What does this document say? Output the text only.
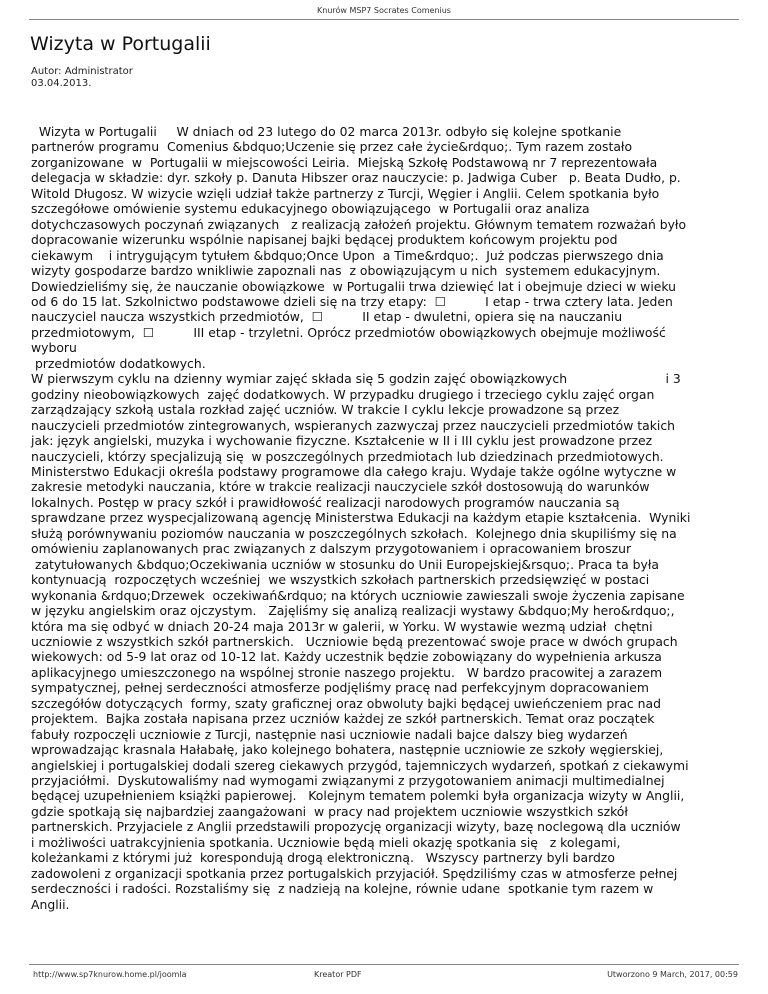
Knurów MSP7 Socrates Comenius
Wizyta w Portugalii
Autor: Administrator
03.04.2013.

Wizyta w Portugalii     W dniach od 23 lutego do 02 marca 2013r. odbyło się kolejne spotkanie

partnerów programu  Comenius &bdquo;Uczenie się przez całe życie&rdquo;. Tym razem zostało

zorganizowane  w  Portugalii w miejscowości Leiria.  Miejską Szkołę Podstawową nr 7 reprezentowała

delegacja w składzie: dyr. szkoły p. Danuta Hibszer oraz nauczycie: p. Jadwiga Cuber   p. Beata Dudło, p.

Witold Długosz. W wizycie wzięli udział także partnerzy z Turcji, Węgier i Anglii. Celem spotkania było

szczegółowe omówienie systemu edukacyjnego obowiązującego  w Portugalii oraz analiza

dotychczasowych poczynań związanych   z realizacją założeń projektu. Głównym tematem rozważań było

dopracowanie wizerunku wspólnie napisanej bajki będącej produktem końcowym projektu pod

ciekawym    i intrygującym tytułem &bdquo;Once Upon  a Time&rdquo;.  Już podczas pierwszego dnia

wizyty gospodarze bardzo wnikliwie zapoznali nas  z obowiązującym u nich  systemem edukacyjnym.

Dowiedzieliśmy się, że nauczanie obowiązkowe  w Portugalii trwa dziewięć lat i obejmuje dzieci w wieku

od 6 do 15 lat. Szkolnictwo podstawowe dzieli się na trzy etapy:  ☐          I etap - trwa cztery lata. Jeden

nauczyciel naucza wszystkich przedmiotów,  ☐          II etap - dwuletni, opiera się na nauczaniu

przedmiotowym,  ☐          III etap - trzyletni. Oprócz przedmiotów obowiązkowych obejmuje możliwość

wyboru

przedmiotów dodatkowych.

W pierwszym cyklu na dzienny wymiar zajęć składa się 5 godzin zajęć obowiązkowych                         i 3

godziny nieobowiązkowych  zajęć dodatkowych. W przypadku drugiego i trzeciego cyklu zajęć organ

zarządzający szkołą ustala rozkład zajęć uczniów. W trakcie I cyklu lekcje prowadzone są przez

nauczycieli przedmiotów zintegrowanych, wspieranych zazwyczaj przez nauczycieli przedmiotów takich

jak: język angielski, muzyka i wychowanie fizyczne. Kształcenie w II i III cyklu jest prowadzone przez

nauczycieli, którzy specjalizują się  w poszczególnych przedmiotach lub dziedzinach przedmiotowych.

Ministerstwo Edukacji określa podstawy programowe dla całego kraju. Wydaje także ogólne wytyczne w

zakresie metodyki nauczania, które w trakcie realizacji nauczyciele szkół dostosowują do warunków

lokalnych. Postęp w pracy szkół i prawidłowość realizacji narodowych programów nauczania są

sprawdzane przez wyspecjalizowaną agencję Ministerstwa Edukacji na każdym etapie kształcenia.  Wyniki

służą porównywaniu poziomów nauczania w poszczególnych szkołach.  Kolejnego dnia skupiliśmy się na

omówieniu zaplanowanych prac związanych z dalszym przygotowaniem i opracowaniem broszur

zatytułowanych &bdquo;Oczekiwania uczniów w stosunku do Unii Europejskiej&rsquo;. Praca ta była

kontynuacją  rozpoczętych wcześniej  we wszystkich szkołach partnerskich przedsięwzięć w postaci

wykonania &rdquo;Drzewek  oczekiwań&rdquo; na których uczniowie zawieszali swoje życzenia zapisane

w języku angielskim oraz ojczystym.   Zajęliśmy się analizą realizacji wystawy &bdquo;My hero&rdquo;,

która ma się odbyć w dniach 20-24 maja 2013r w galerii, w Yorku. W wystawie wezmą udział  chętni

uczniowie z wszystkich szkół partnerskich.   Uczniowie będą prezentować swoje prace w dwóch grupach

wiekowych: od 5-9 lat oraz od 10-12 lat. Każdy uczestnik będzie zobowiązany do wypełnienia arkusza

aplikacyjnego umieszczonego na wspólnej stronie naszego projektu.   W bardzo pracowitej a zarazem

sympatycznej, pełnej serdeczności atmosferze podjęliśmy pracę nad perfekcyjnym dopracowaniem

szczegółów dotyczących  formy, szaty graficznej oraz obwoluty bajki będącej uwieńczeniem prac nad

projektem.  Bajka została napisana przez uczniów każdej ze szkół partnerskich. Temat oraz początek

fabuły rozpoczęli uczniowie z Turcji, następnie nasi uczniowie nadali bajce dalszy bieg wydarzeń

wprowadzając krasnala Hałabałę, jako kolejnego bohatera, następnie uczniowie ze szkoły węgierskiej,

angielskiej i portugalskiej dodali szereg ciekawych przygód, tajemniczych wydarzeń, spotkań z ciekawymi

przyjaciółmi.  Dyskutowaliśmy nad wymogami związanymi z przygotowaniem animacji multimedialnej

będącej uzupełnieniem książki papierowej.   Kolejnym tematem polemki była organizacja wizyty w Anglii,

gdzie spotkają się najbardziej zaangażowani  w pracy nad projektem uczniowie wszystkich szkół

partnerskich. Przyjaciele z Anglii przedstawili propozycję organizacji wizyty, bazę noclegową dla uczniów

i możliwości uatrakcyjnienia spotkania. Uczniowie będą mieli okazję spotkania się   z kolegami,

koleżankami z którymi już  korespondują drogą elektroniczną.   Wszyscy partnerzy byli bardzo

zadowoleni z organizacji spotkania przez portugalskich przyjaciół. Spędziliśmy czas w atmosferze pełnej

serdeczności i radości. Rozstaliśmy się  z nadzieją na kolejne, równie udane  spotkanie tym razem w

Anglii.

http://www.sp7knurow.home.pl/joomla	Kreator PDF	Utworzono 9 March, 2017, 00:59
